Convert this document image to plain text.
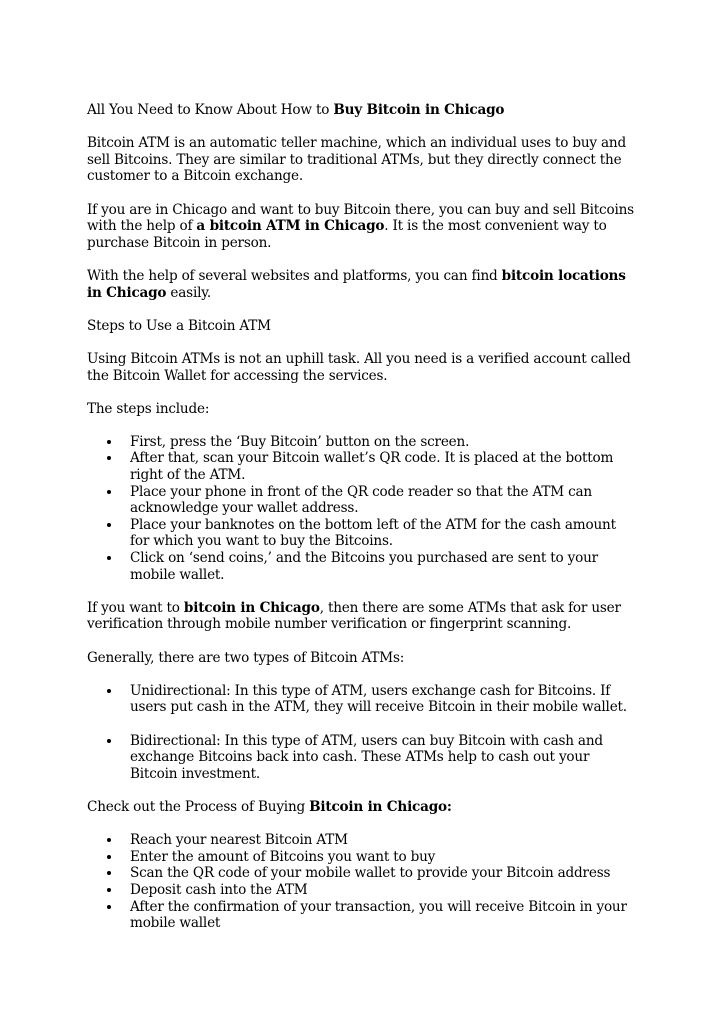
All You Need to Know About How to Buy Bitcoin in Chicago

Bitcoin ATM is an automatic teller machine, which an individual uses to buy and sell Bitcoins. They are similar to traditional ATMs, but they directly connect the customer to a Bitcoin exchange.

If you are in Chicago and want to buy Bitcoin there, you can buy and sell Bitcoins with the help of a bitcoin ATM in Chicago. It is the most convenient way to purchase Bitcoin in person.

With the help of several websites and platforms, you can find bitcoin locations in Chicago easily.

Steps to Use a Bitcoin ATM

Using Bitcoin ATMs is not an uphill task. All you need is a verified account called the Bitcoin Wallet for accessing the services.

The steps include:

First, press the ‘Buy Bitcoin’ button on the screen.
After that, scan your Bitcoin wallet’s QR code. It is placed at the bottom right of the ATM.
Place your phone in front of the QR code reader so that the ATM can acknowledge your wallet address.
Place your banknotes on the bottom left of the ATM for the cash amount for which you want to buy the Bitcoins.
Click on ‘send coins,’ and the Bitcoins you purchased are sent to your mobile wallet.

If you want to bitcoin in Chicago, then there are some ATMs that ask for user verification through mobile number verification or fingerprint scanning.

Generally, there are two types of Bitcoin ATMs:

Unidirectional: In this type of ATM, users exchange cash for Bitcoins. If users put cash in the ATM, they will receive Bitcoin in their mobile wallet.
Bidirectional: In this type of ATM, users can buy Bitcoin with cash and exchange Bitcoins back into cash. These ATMs help to cash out your Bitcoin investment.

Check out the Process of Buying Bitcoin in Chicago:

Reach your nearest Bitcoin ATM
Enter the amount of Bitcoins you want to buy
Scan the QR code of your mobile wallet to provide your Bitcoin address
Deposit cash into the ATM
After the confirmation of your transaction, you will receive Bitcoin in your mobile wallet
